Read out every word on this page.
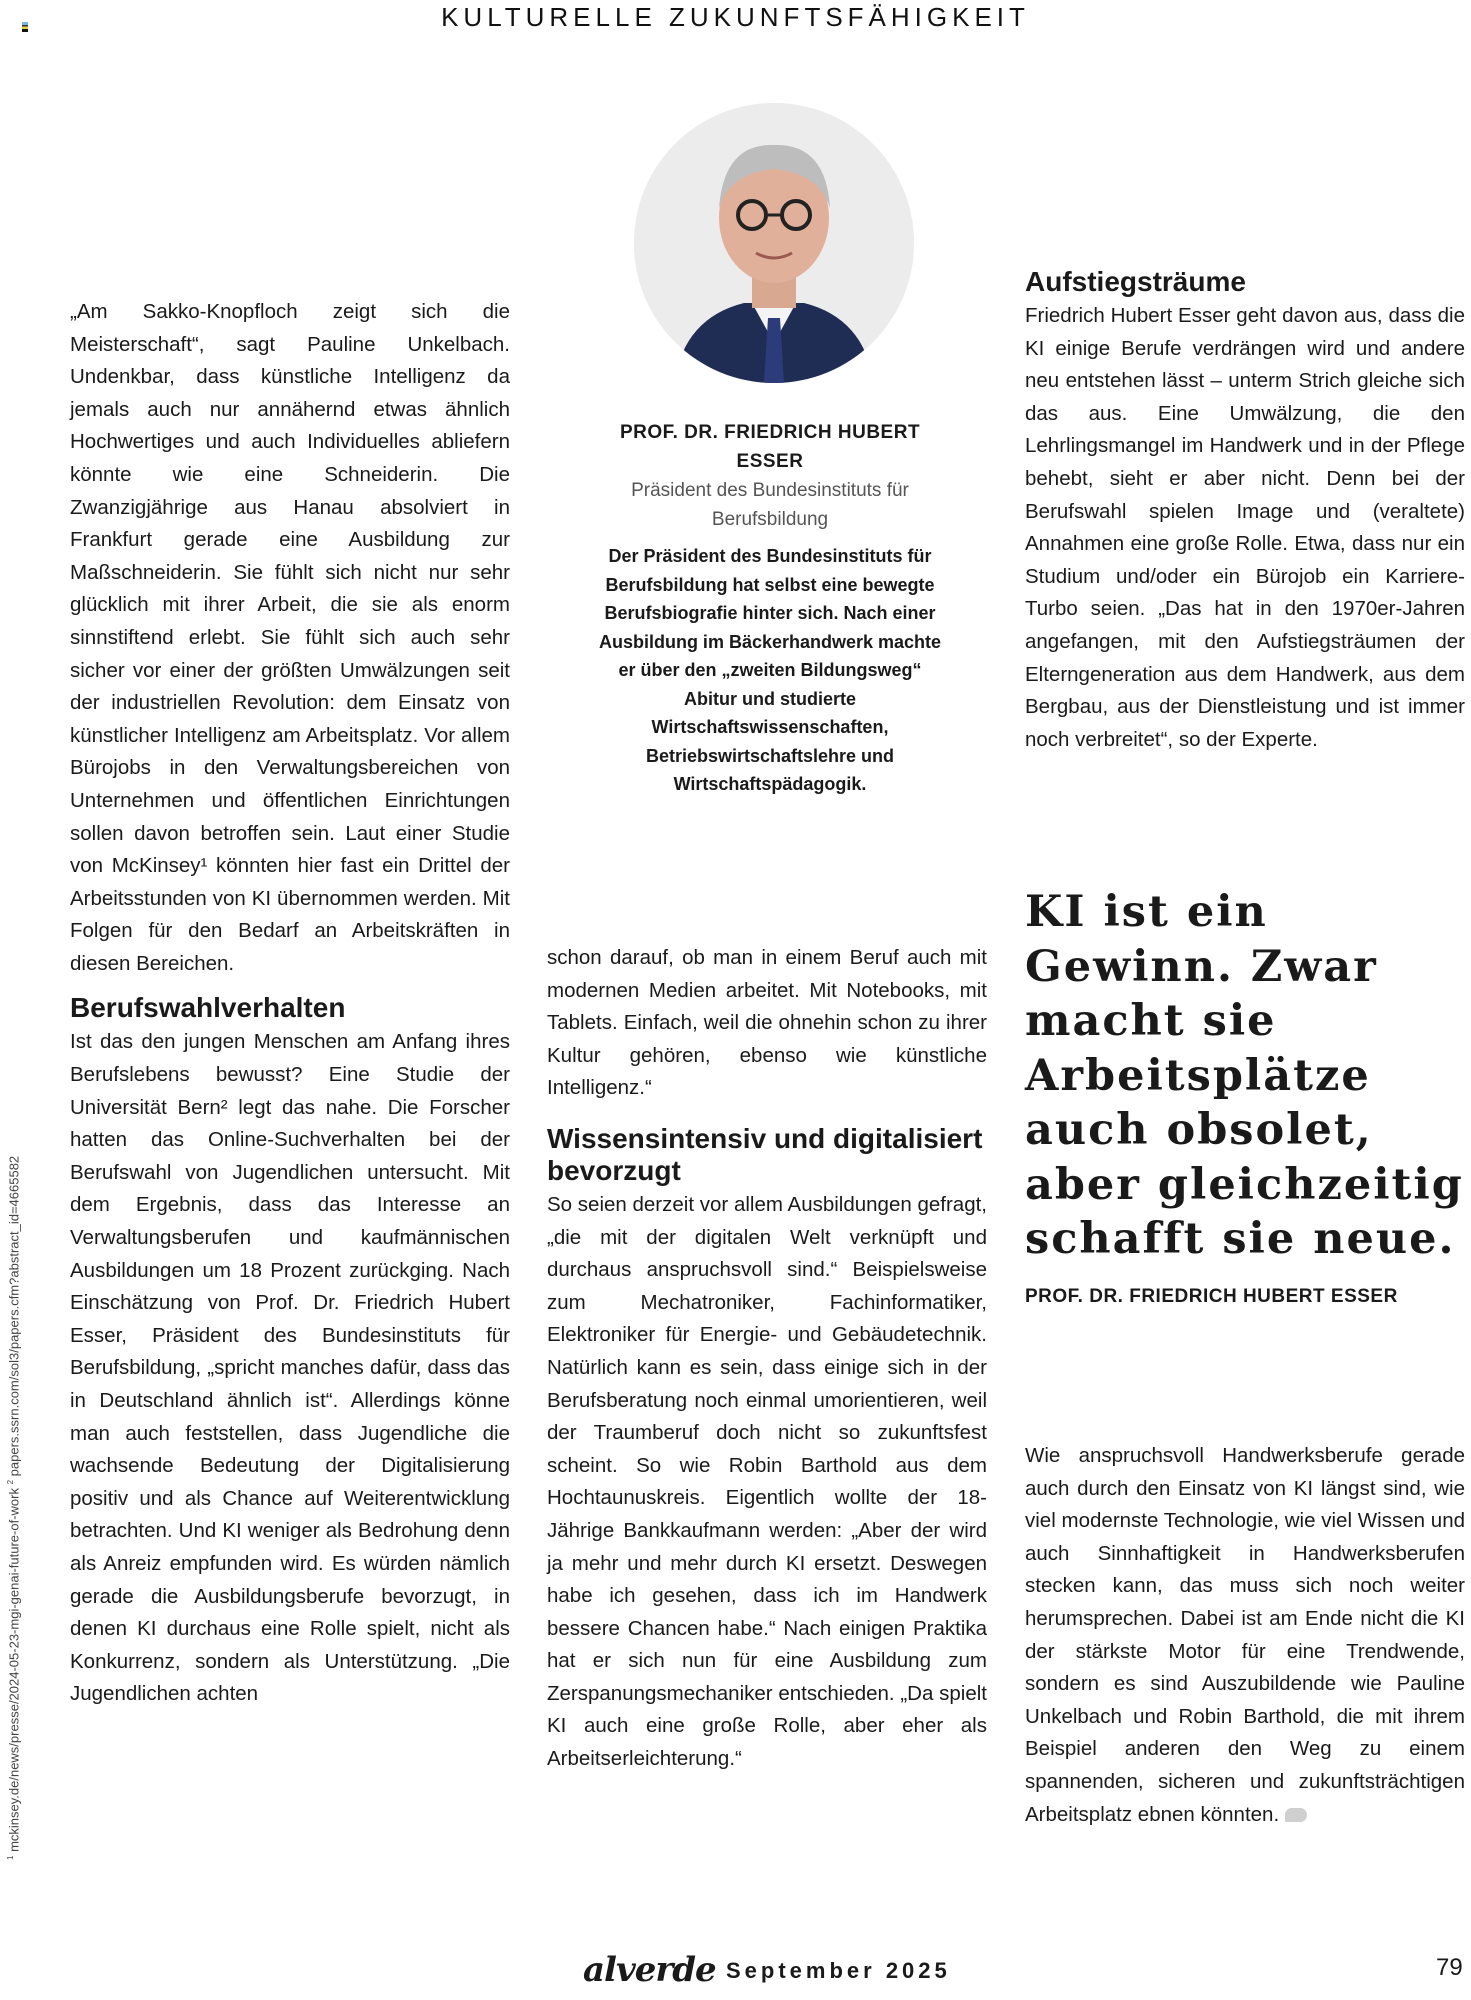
KULTURELLE ZUKUNFTSFÄHIGKEIT
$^1$ mckinsey.de/news/presse/2024-05-23-mgi-genai-future-of-work $^2$ papers.ssrn.com/sol3/papers.cfm?abstract_id=4665582

„Am Sakko-Knopfloch zeigt sich die Meisterschaft“, sagt Pauline Unkelbach. Undenkbar, dass künstliche Intelligenz da jemals auch nur annähernd etwas ähnlich Hochwertiges und auch Individuelles abliefern könnte wie eine Schneiderin. Die Zwanzigjährige aus Hanau absolviert in Frankfurt gerade eine Ausbildung zur Maßschneiderin. Sie fühlt sich nicht nur sehr glücklich mit ihrer Arbeit, die sie als enorm sinnstiftend erlebt. Sie fühlt sich auch sehr sicher vor einer der größten Umwälzungen seit der industriellen Revolution: dem Einsatz von künstlicher Intelligenz am Arbeitsplatz. Vor allem Bürojobs in den Verwaltungsbereichen von Unternehmen und öffentlichen Einrichtungen sollen davon betroffen sein. Laut einer Studie von McKinsey¹ könnten hier fast ein Drittel der Arbeitsstunden von KI übernommen werden. Mit Folgen für den Bedarf an Arbeitskräften in diesen Bereichen.

Berufswahlverhalten

Ist das den jungen Menschen am Anfang ihres Berufslebens bewusst? Eine Studie der Universität Bern² legt das nahe. Die Forscher hatten das Online-Suchverhalten bei der Berufswahl von Jugendlichen untersucht. Mit dem Ergebnis, dass das Interesse an Verwaltungsberufen und kaufmännischen Ausbildungen um 18 Prozent zurückging. Nach Einschätzung von Prof. Dr. Friedrich Hubert Esser, Präsident des Bundesinstituts für Berufsbildung, „spricht manches dafür, dass das in Deutschland ähnlich ist“. Allerdings könne man auch feststellen, dass Jugendliche die wachsende Bedeutung der Digitalisierung positiv und als Chance auf Weiterentwicklung betrachten. Und KI weniger als Bedrohung denn als Anreiz empfunden wird. Es würden nämlich gerade die Ausbildungsberufe bevorzugt, in denen KI durchaus eine Rolle spielt, nicht als Konkurrenz, sondern als Unterstützung. „Die Jugendlichen achten

PROF. DR. FRIEDRICH HUBERT ESSER
Präsident des Bundesinstituts für Berufsbildung
Der Präsident des Bundesinstituts für Berufsbildung hat selbst eine bewegte Berufsbiografie hinter sich. Nach einer Ausbildung im Bäckerhandwerk machte er über den „zweiten Bildungsweg“ Abitur und studierte Wirtschaftswissenschaften, Betriebswirtschaftslehre und Wirtschaftspädagogik.

schon darauf, ob man in einem Beruf auch mit modernen Medien arbeitet. Mit Notebooks, mit Tablets. Einfach, weil die ohnehin schon zu ihrer Kultur gehören, ebenso wie künstliche Intelligenz.“

Wissensintensiv und digitalisiert bevorzugt

So seien derzeit vor allem Ausbildungen gefragt, „die mit der digitalen Welt verknüpft und durchaus anspruchsvoll sind.“ Beispielsweise zum Mechatroniker, Fachinformatiker, Elektroniker für Energie- und Gebäudetechnik. Natürlich kann es sein, dass einige sich in der Berufsberatung noch einmal umorientieren, weil der Traumberuf doch nicht so zukunftsfest scheint. So wie Robin Barthold aus dem Hochtaunuskreis. Eigentlich wollte der 18-Jährige Bankkaufmann werden: „Aber der wird ja mehr und mehr durch KI ersetzt. Deswegen habe ich gesehen, dass ich im Handwerk bessere Chancen habe.“ Nach einigen Praktika hat er sich nun für eine Ausbildung zum Zerspanungsmechaniker entschieden. „Da spielt KI auch eine große Rolle, aber eher als Arbeitserleichterung.“

Aufstiegsträume

Friedrich Hubert Esser geht davon aus, dass die KI einige Berufe verdrängen wird und andere neu entstehen lässt – unterm Strich gleiche sich das aus. Eine Umwälzung, die den Lehrlingsmangel im Handwerk und in der Pflege behebt, sieht er aber nicht. Denn bei der Berufswahl spielen Image und (veraltete) Annahmen eine große Rolle. Etwa, dass nur ein Studium und/oder ein Bürojob ein Karriere-Turbo seien. „Das hat in den 1970er-Jahren angefangen, mit den Aufstiegsträumen der Elterngeneration aus dem Handwerk, aus dem Bergbau, aus der Dienstleistung und ist immer noch verbreitet“, so der Experte.

KI ist ein Gewinn. Zwar macht sie Arbeitsplätze auch obsolet, aber gleichzeitig schafft sie neue.
PROF. DR. FRIEDRICH HUBERT ESSER

Wie anspruchsvoll Handwerksberufe gerade auch durch den Einsatz von KI längst sind, wie viel modernste Technologie, wie viel Wissen und auch Sinnhaftigkeit in Handwerksberufen stecken kann, das muss sich noch weiter herumsprechen. Dabei ist am Ende nicht die KI der stärkste Motor für eine Trendwende, sondern es sind Auszubildende wie Pauline Unkelbach und Robin Barthold, die mit ihrem Beispiel anderen den Weg zu einem spannenden, sicheren und zukunftsträchtigen Arbeitsplatz ebnen könnten.

alverde September 2025	79
